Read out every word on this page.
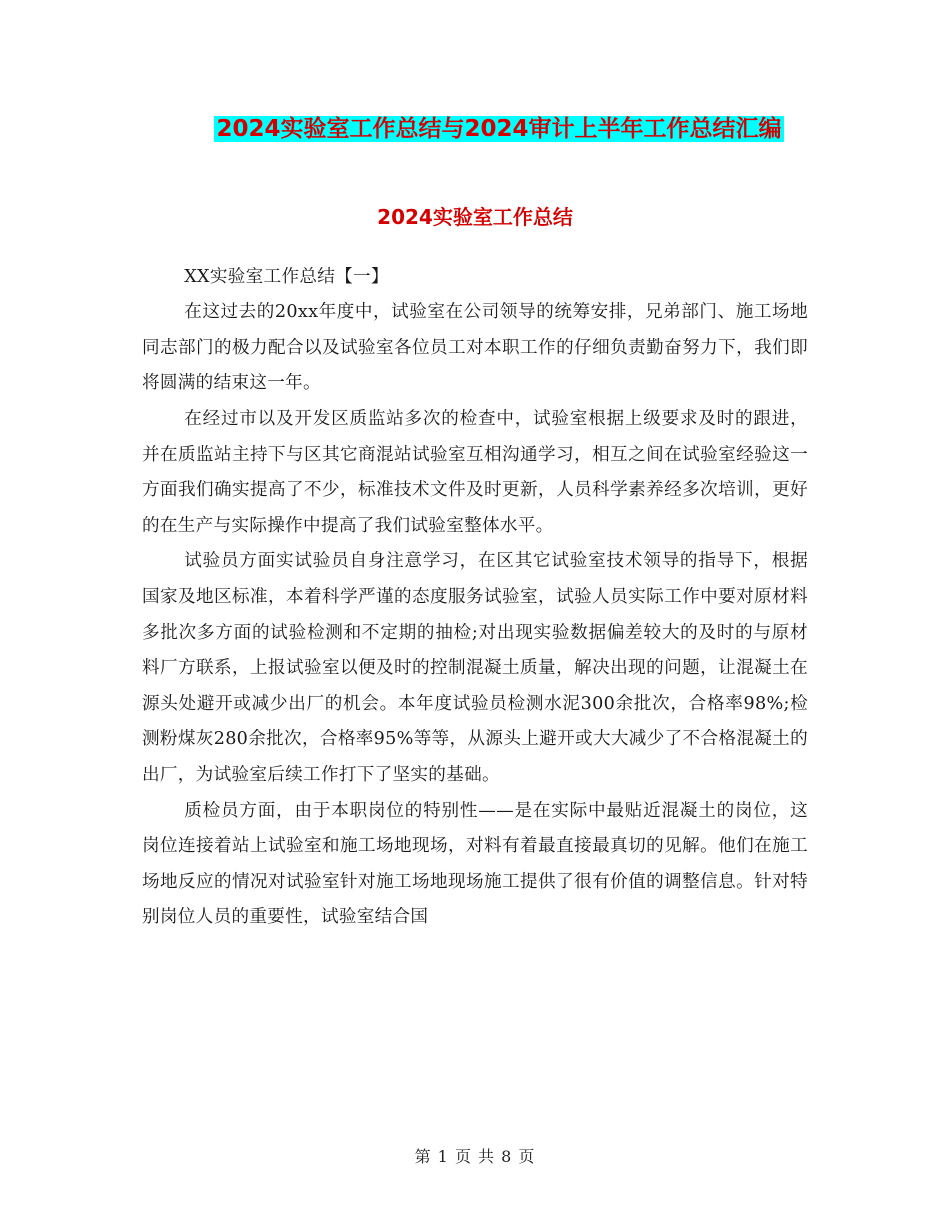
2024实验室工作总结与2024审计上半年工作总结汇编
2024实验室工作总结

XX实验室工作总结【一】

在这过去的20xx年度中，试验室在公司领导的统筹安排，兄弟部门、施工场地同志部门的极力配合以及试验室各位员工对本职工作的仔细负责勤奋努力下，我们即将圆满的结束这一年。

在经过市以及开发区质监站多次的检查中，试验室根据上级要求及时的跟进，并在质监站主持下与区其它商混站试验室互相沟通学习，相互之间在试验室经验这一方面我们确实提高了不少，标准技术文件及时更新，人员科学素养经多次培训，更好的在生产与实际操作中提高了我们试验室整体水平。

试验员方面实试验员自身注意学习，在区其它试验室技术领导的指导下，根据国家及地区标准，本着科学严谨的态度服务试验室，试验人员实际工作中要对原材料多批次多方面的试验检测和不定期的抽检;对出现实验数据偏差较大的及时的与原材料厂方联系，上报试验室以便及时的控制混凝土质量，解决出现的问题，让混凝土在源头处避开或减少出厂的机会。本年度试验员检测水泥300余批次，合格率98%;检测粉煤灰280余批次，合格率95%等等，从源头上避开或大大减少了不合格混凝土的出厂，为试验室后续工作打下了坚实的基础。

质检员方面，由于本职岗位的特别性——是在实际中最贴近混凝土的岗位，这岗位连接着站上试验室和施工场地现场，对料有着最直接最真切的见解。他们在施工场地反应的情况对试验室针对施工场地现场施工提供了很有价值的调整信息。针对特别岗位人员的重要性，试验室结合国

第 1 页 共 8 页
